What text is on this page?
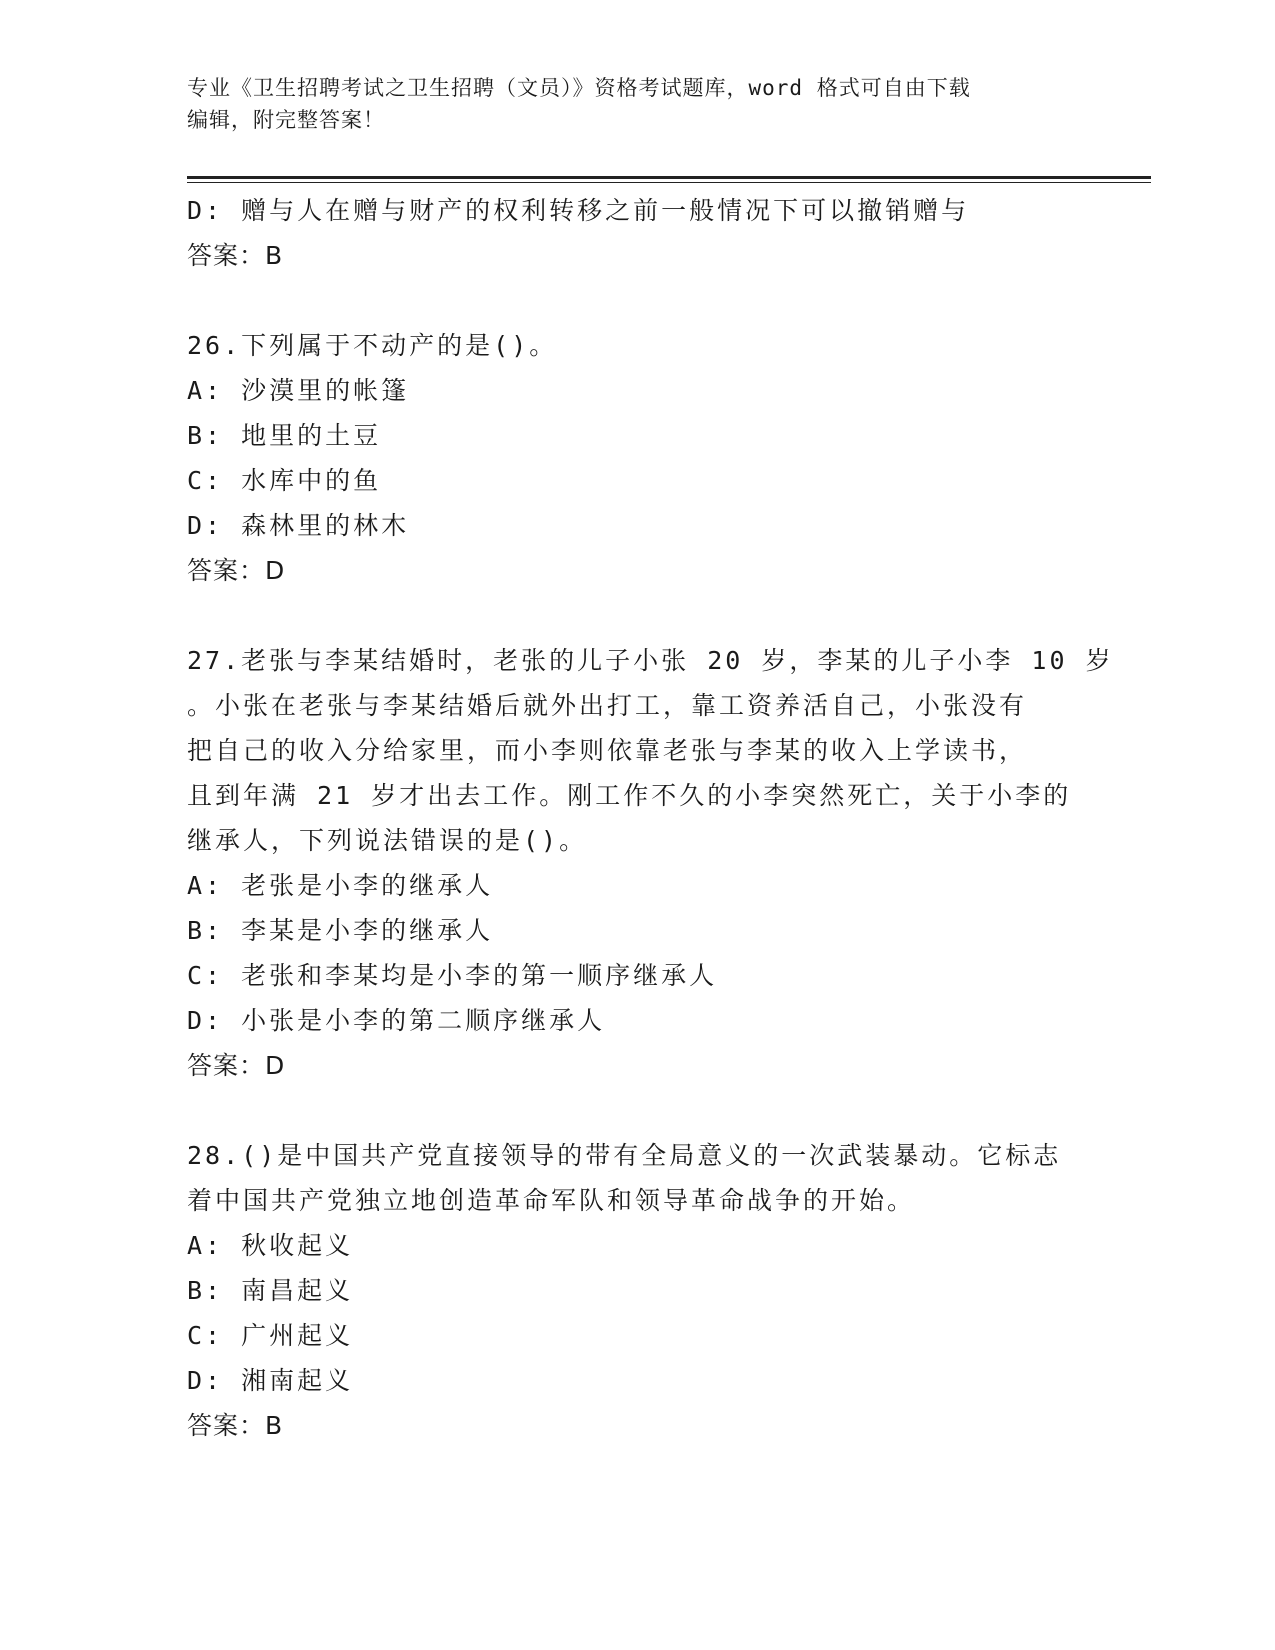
专业《卫生招聘考试之卫生招聘（文员）》资格考试题库，word 格式可自由下载
编辑，附完整答案！
D: 赠与人在赠与财产的权利转移之前一般情况下可以撤销赠与
答案：B
26.下列属于不动产的是()。
A: 沙漠里的帐篷
B: 地里的土豆
C: 水库中的鱼
D: 森林里的林木
答案：D
27.老张与李某结婚时，老张的儿子小张 20 岁，李某的儿子小李 10 岁
。小张在老张与李某结婚后就外出打工，靠工资养活自己，小张没有
把自己的收入分给家里，而小李则依靠老张与李某的收入上学读书，
且到年满 21 岁才出去工作。刚工作不久的小李突然死亡，关于小李的
继承人，下列说法错误的是()。
A: 老张是小李的继承人
B: 李某是小李的继承人
C: 老张和李某均是小李的第一顺序继承人
D: 小张是小李的第二顺序继承人
答案：D
28.()是中国共产党直接领导的带有全局意义的一次武装暴动。它标志
着中国共产党独立地创造革命军队和领导革命战争的开始。
A: 秋收起义
B: 南昌起义
C: 广州起义
D: 湘南起义
答案：B
